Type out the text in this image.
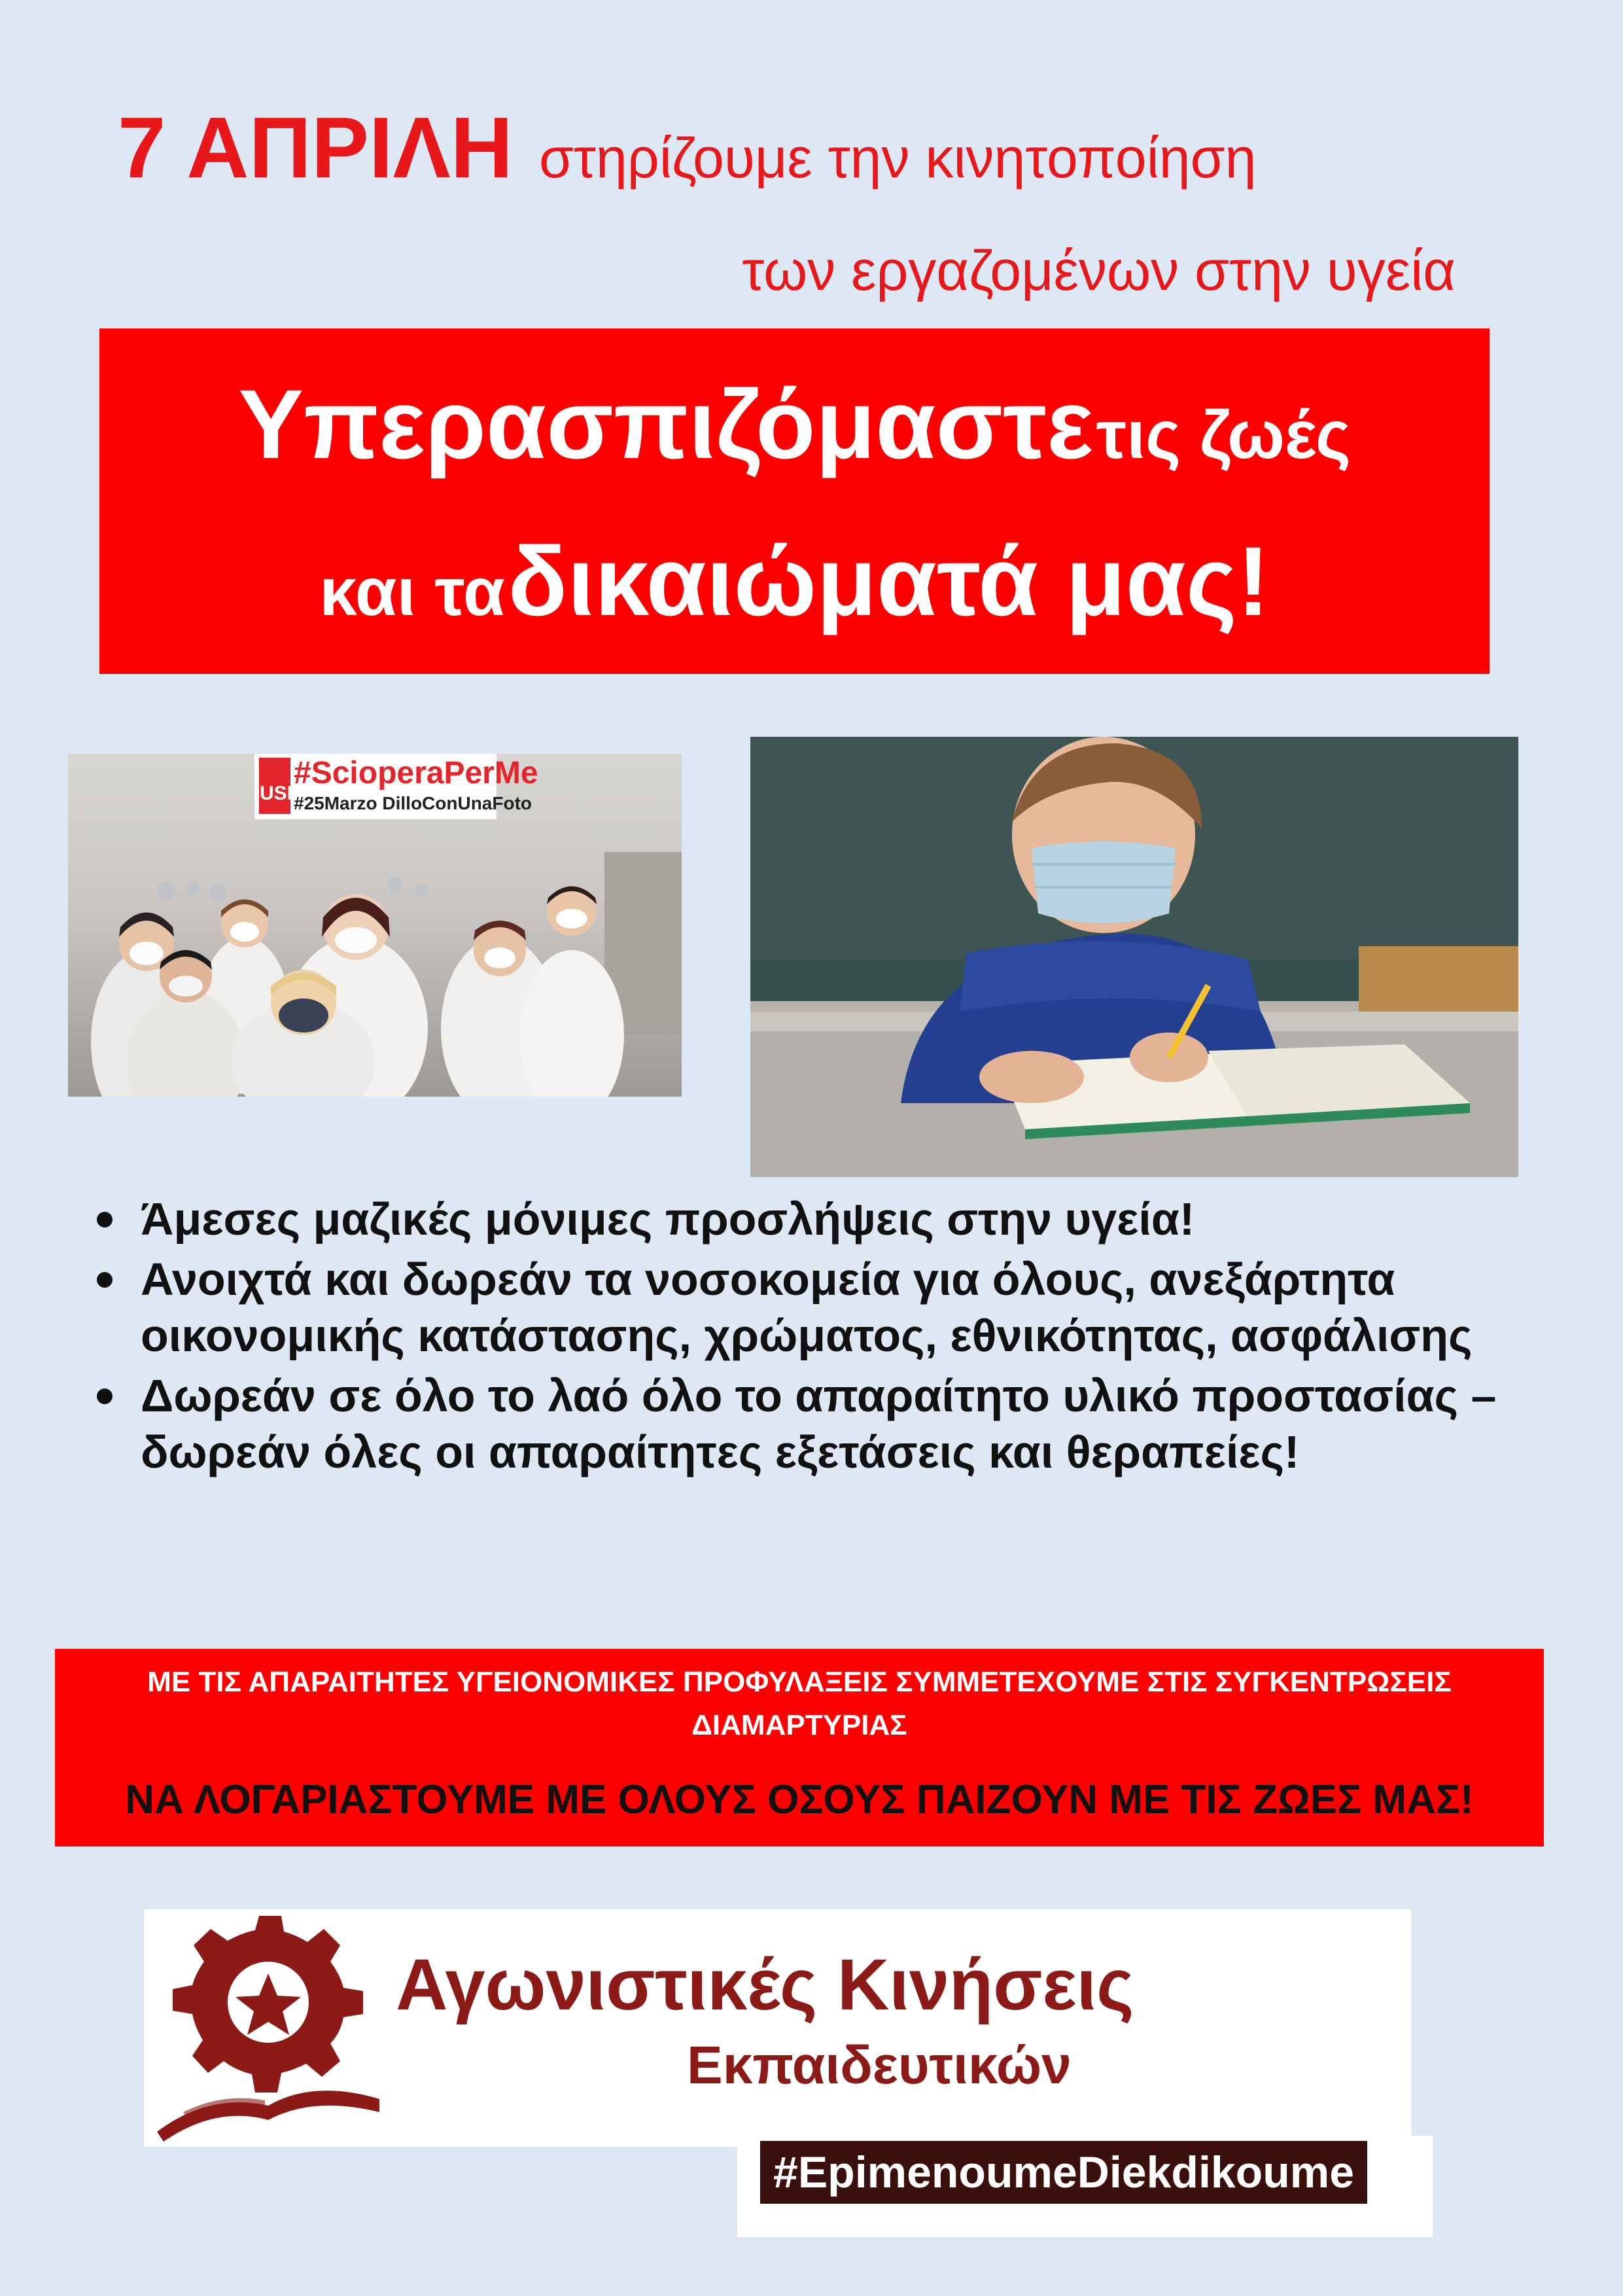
7 ΑΠΡΙΛΗ στηρίζουμε την κινητοποίηση
των εργαζομένων στην υγεία
Υπερασπιζόμαστε τις ζωές
και τα δικαιώματά μας!
USB
#ScioperaPerMe
#25Marzo DilloConUnaFoto
Άμεσες μαζικές μόνιμες προσλήψεις στην υγεία!
Ανοιχτά και δωρεάν τα νοσοκομεία για όλους, ανεξάρτητα οικονομικής κατάστασης, χρώματος, εθνικότητας, ασφάλισης
Δωρεάν σε όλο το λαό όλο το απαραίτητο υλικό προστασίας – δωρεάν όλες οι απαραίτητες εξετάσεις και θεραπείες!
ΜΕ ΤΙΣ ΑΠΑΡΑΙΤΗΤΕΣ ΥΓΕΙΟΝΟΜΙΚΕΣ ΠΡΟΦΥΛΑΞΕΙΣ ΣΥΜΜΕΤΕΧΟΥΜΕ ΣΤΙΣ ΣΥΓΚΕΝΤΡΩΣΕΙΣ ΔΙΑΜΑΡΤΥΡΙΑΣ
ΝΑ ΛΟΓΑΡΙΑΣΤΟΥΜΕ ΜΕ ΟΛΟΥΣ ΟΣΟΥΣ ΠΑΙΖΟΥΝ ΜΕ ΤΙΣ ΖΩΕΣ ΜΑΣ!
Αγωνιστικές Κινήσεις
Εκπαιδευτικών
#EpimenoumeDiekdikoume
